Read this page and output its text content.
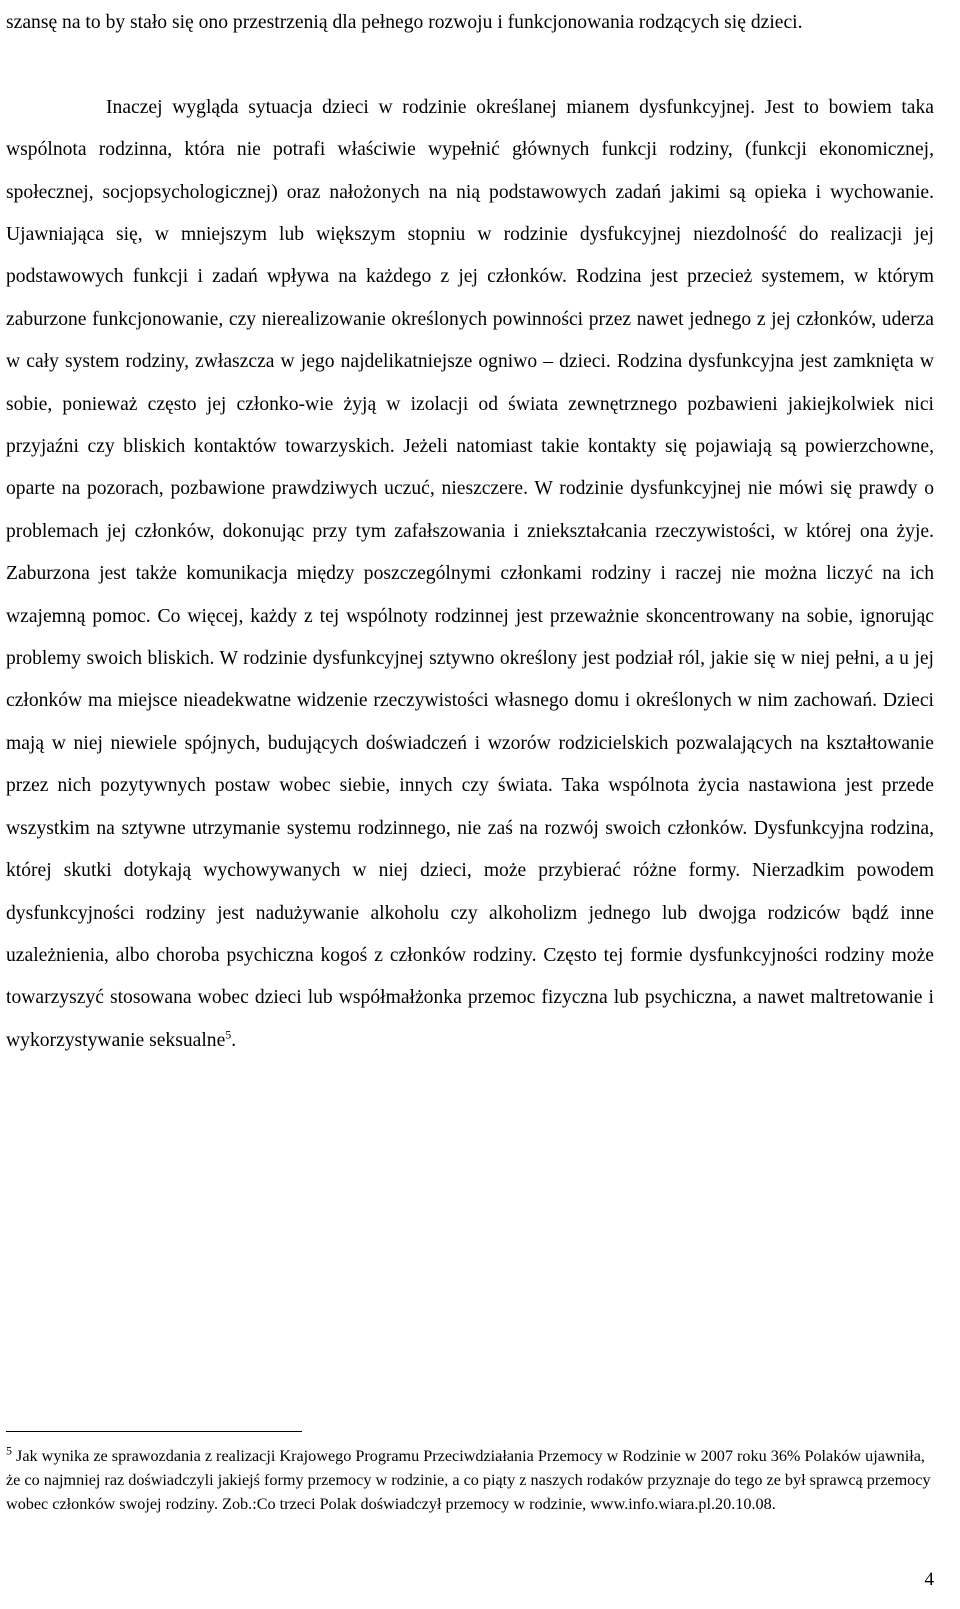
szansę na to by stało się ono przestrzenią dla pełnego rozwoju i funkcjonowania rodzących się dzieci.

Inaczej wygląda sytuacja dzieci w rodzinie określanej mianem dysfunkcyjnej. Jest to bowiem taka wspólnota rodzinna, która nie potrafi właściwie wypełnić głównych funkcji rodziny, (funkcji ekonomicznej, społecznej, socjopsychologicznej) oraz nałożonych na nią podstawowych zadań jakimi są opieka i wychowanie. Ujawniająca się, w mniejszym lub większym stopniu w rodzinie dysfukcyjnej niezdolność do realizacji jej podstawowych funkcji i zadań wpływa na każdego z jej członków. Rodzina jest przecież systemem, w którym zaburzone funkcjonowanie, czy nierealizowanie określonych powinności przez nawet jednego z jej członków, uderza w cały system rodziny, zwłaszcza w jego najdelikatniejsze ogniwo – dzieci. Rodzina dysfunkcyjna jest zamknięta w sobie, ponieważ często jej członko-wie żyją w izolacji od świata zewnętrznego pozbawieni jakiejkolwiek nici przyjaźni czy bliskich kontaktów towarzyskich. Jeżeli natomiast takie kontakty się pojawiają są powierzchowne, oparte na pozorach, pozbawione prawdziwych uczuć, nieszczere. W rodzinie dysfunkcyjnej nie mówi się prawdy o problemach jej członków, dokonując przy tym zafałszowania i zniekształcania rzeczywistości, w której ona żyje. Zaburzona jest także komunikacja między poszczególnymi członkami rodziny i raczej nie można liczyć na ich wzajemną pomoc. Co więcej, każdy z tej wspólnoty rodzinnej jest przeważnie skoncentrowany na sobie, ignorując problemy swoich bliskich. W rodzinie dysfunkcyjnej sztywno określony jest podział ról, jakie się w niej pełni, a u jej członków ma miejsce nieadekwatne widzenie rzeczywistości własnego domu i określonych w nim zachowań. Dzieci mają w niej niewiele spójnych, budujących doświadczeń i wzorów rodzicielskich pozwalających na kształtowanie przez nich pozytywnych postaw wobec siebie, innych czy świata. Taka wspólnota życia nastawiona jest przede wszystkim na sztywne utrzymanie systemu rodzinnego, nie zaś na rozwój swoich członków. Dysfunkcyjna rodzina, której skutki dotykają wychowywanych w niej dzieci, może przybierać różne formy. Nierzadkim powodem dysfunkcyjności rodziny jest nadużywanie alkoholu czy alkoholizm jednego lub dwojga rodziców bądź inne uzależnienia, albo choroba psychiczna kogoś z członków rodziny. Często tej formie dysfunkcyjności rodziny może towarzyszyć stosowana wobec dzieci lub współmałżonka przemoc fizyczna lub psychiczna, a nawet maltretowanie i wykorzystywanie seksualne$^5$.

$^5$ Jak wynika ze sprawozdania z realizacji Krajowego Programu Przeciwdziałania Przemocy w Rodzinie w 2007 roku 36% Polaków ujawniła, że co najmniej raz doświadczyli jakiejś formy przemocy w rodzinie, a co piąty z naszych rodaków przyznaje do tego ze był sprawcą przemocy wobec członków swojej rodziny. Zob.:Co trzeci Polak doświadczył przemocy w rodzinie, www.info.wiara.pl.20.10.08.

4
